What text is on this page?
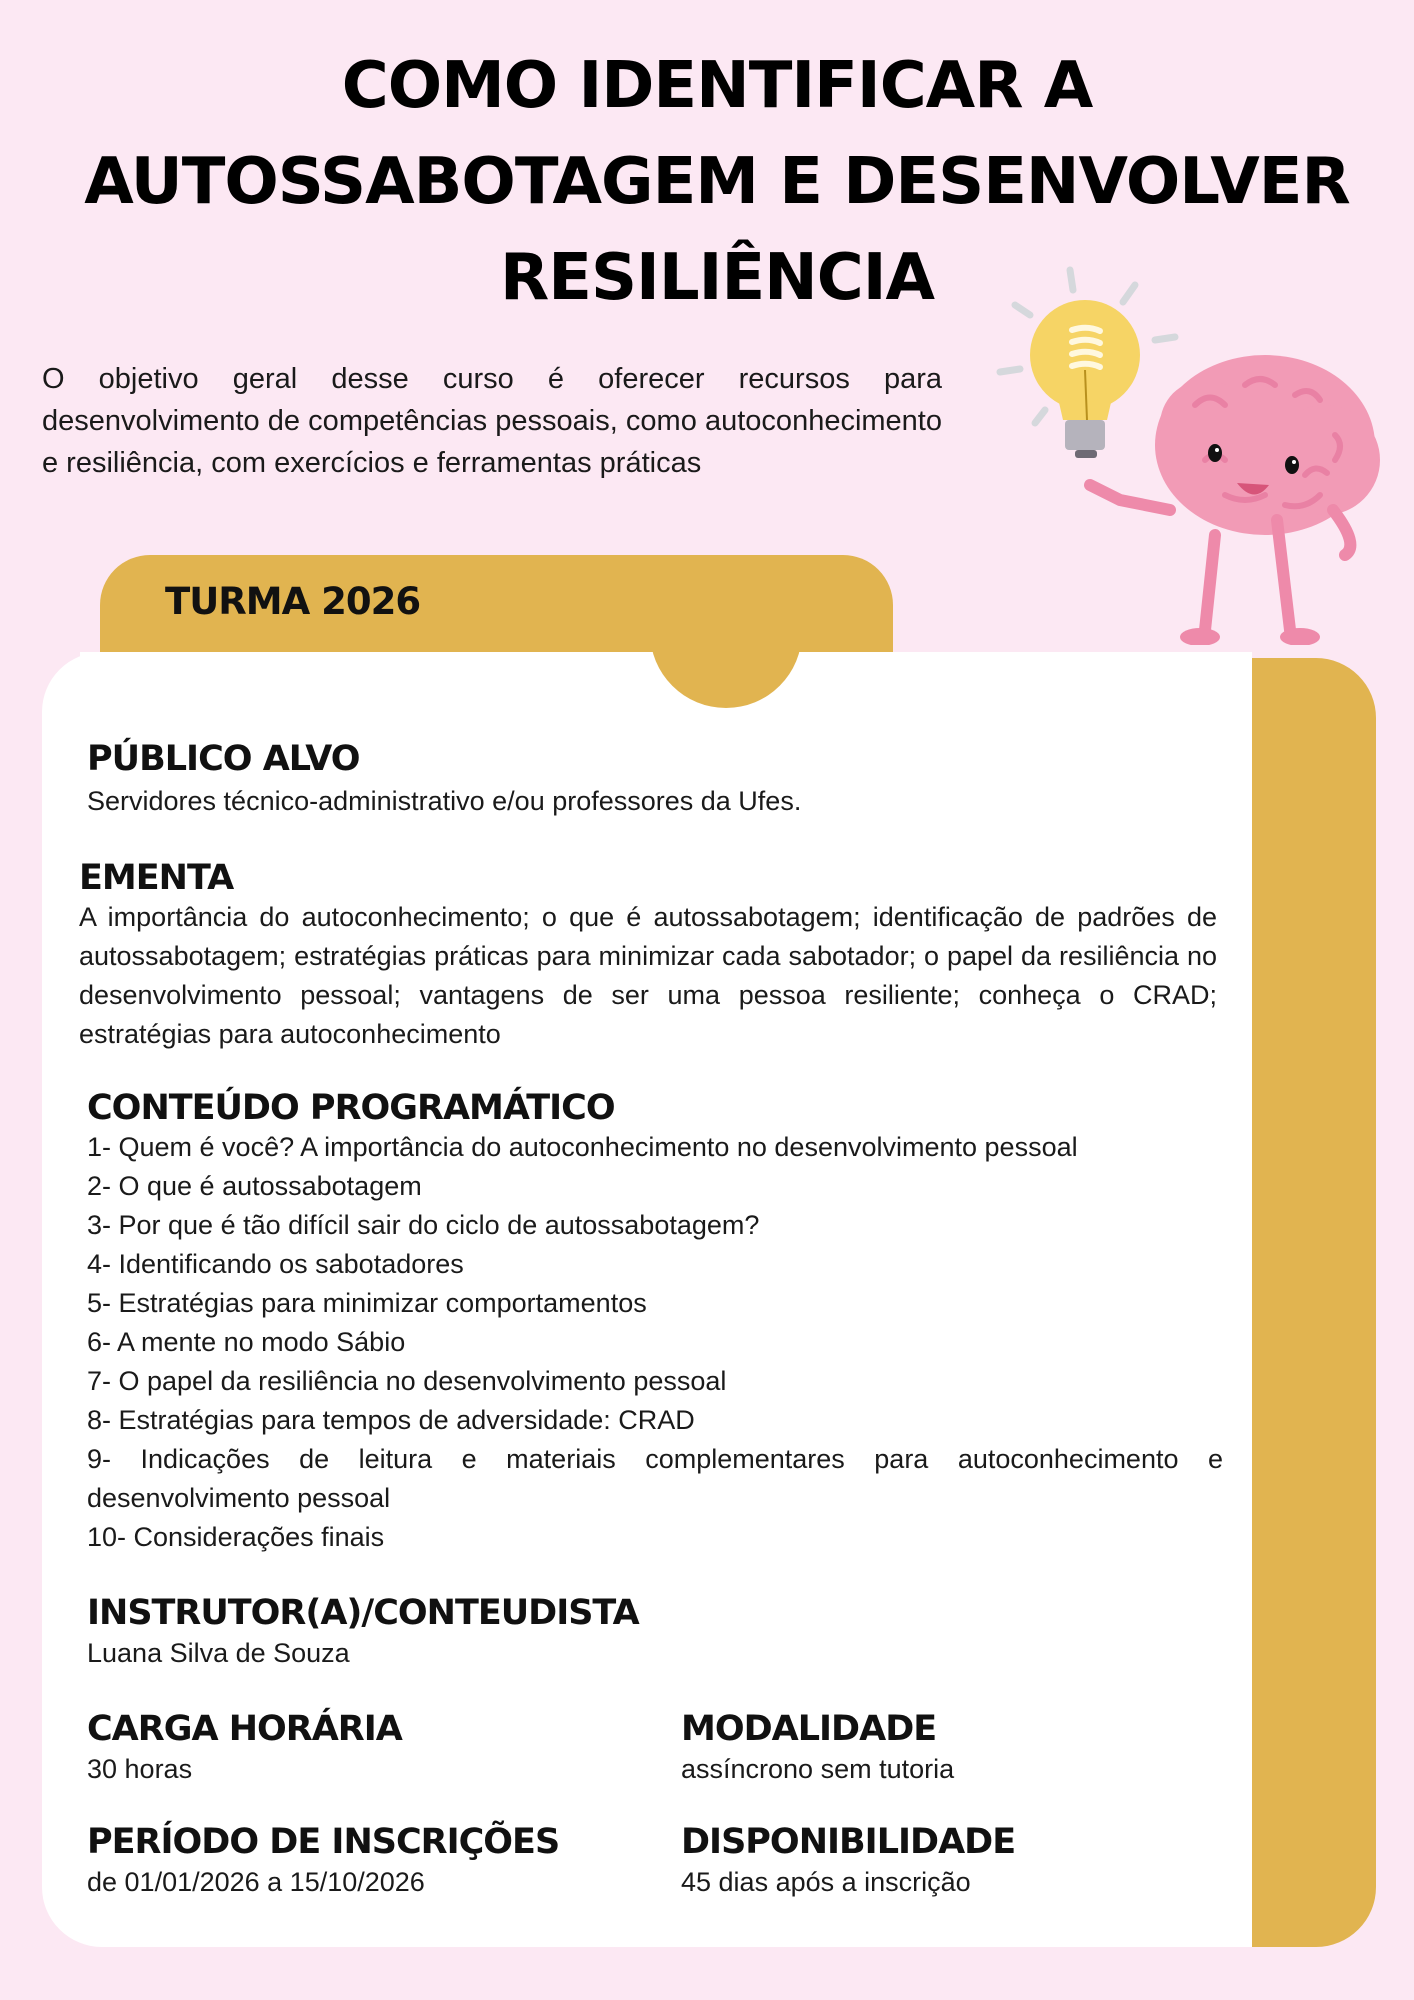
COMO IDENTIFICAR A
AUTOSSABOTAGEM E DESENVOLVER
RESILIÊNCIA

O objetivo geral desse curso é oferecer recursos para desenvolvimento de competências pessoais, como autoconhecimento e resiliência, com exercícios e ferramentas práticas

TURMA 2026

PÚBLICO ALVO

Servidores técnico-administrativo e/ou professores da Ufes.

EMENTA

A importância do autoconhecimento; o que é autossabotagem; identificação de padrões de autossabotagem; estratégias práticas para minimizar cada sabotador; o papel da resiliência no desenvolvimento pessoal; vantagens de ser uma pessoa resiliente; conheça o CRAD; estratégias para autoconhecimento

CONTEÚDO PROGRAMÁTICO
1- Quem é você? A importância do autoconhecimento no desenvolvimento pessoal
2- O que é autossabotagem
3- Por que é tão difícil sair do ciclo de autossabotagem?
4- Identificando os sabotadores
5- Estratégias para minimizar comportamentos
6- A mente no modo Sábio
7- O papel da resiliência no desenvolvimento pessoal
8- Estratégias para tempos de adversidade: CRAD
9- Indicações de leitura e materiais complementares para autoconhecimento e desenvolvimento pessoal
10- Considerações finais
INSTRUTOR(A)/CONTEUDISTA

Luana Silva de Souza

CARGA HORÁRIA

30 horas

MODALIDADE

assíncrono sem tutoria

PERÍODO DE INSCRIÇÕES

de 01/01/2026 a 15/10/2026

DISPONIBILIDADE

45 dias após a inscrição
